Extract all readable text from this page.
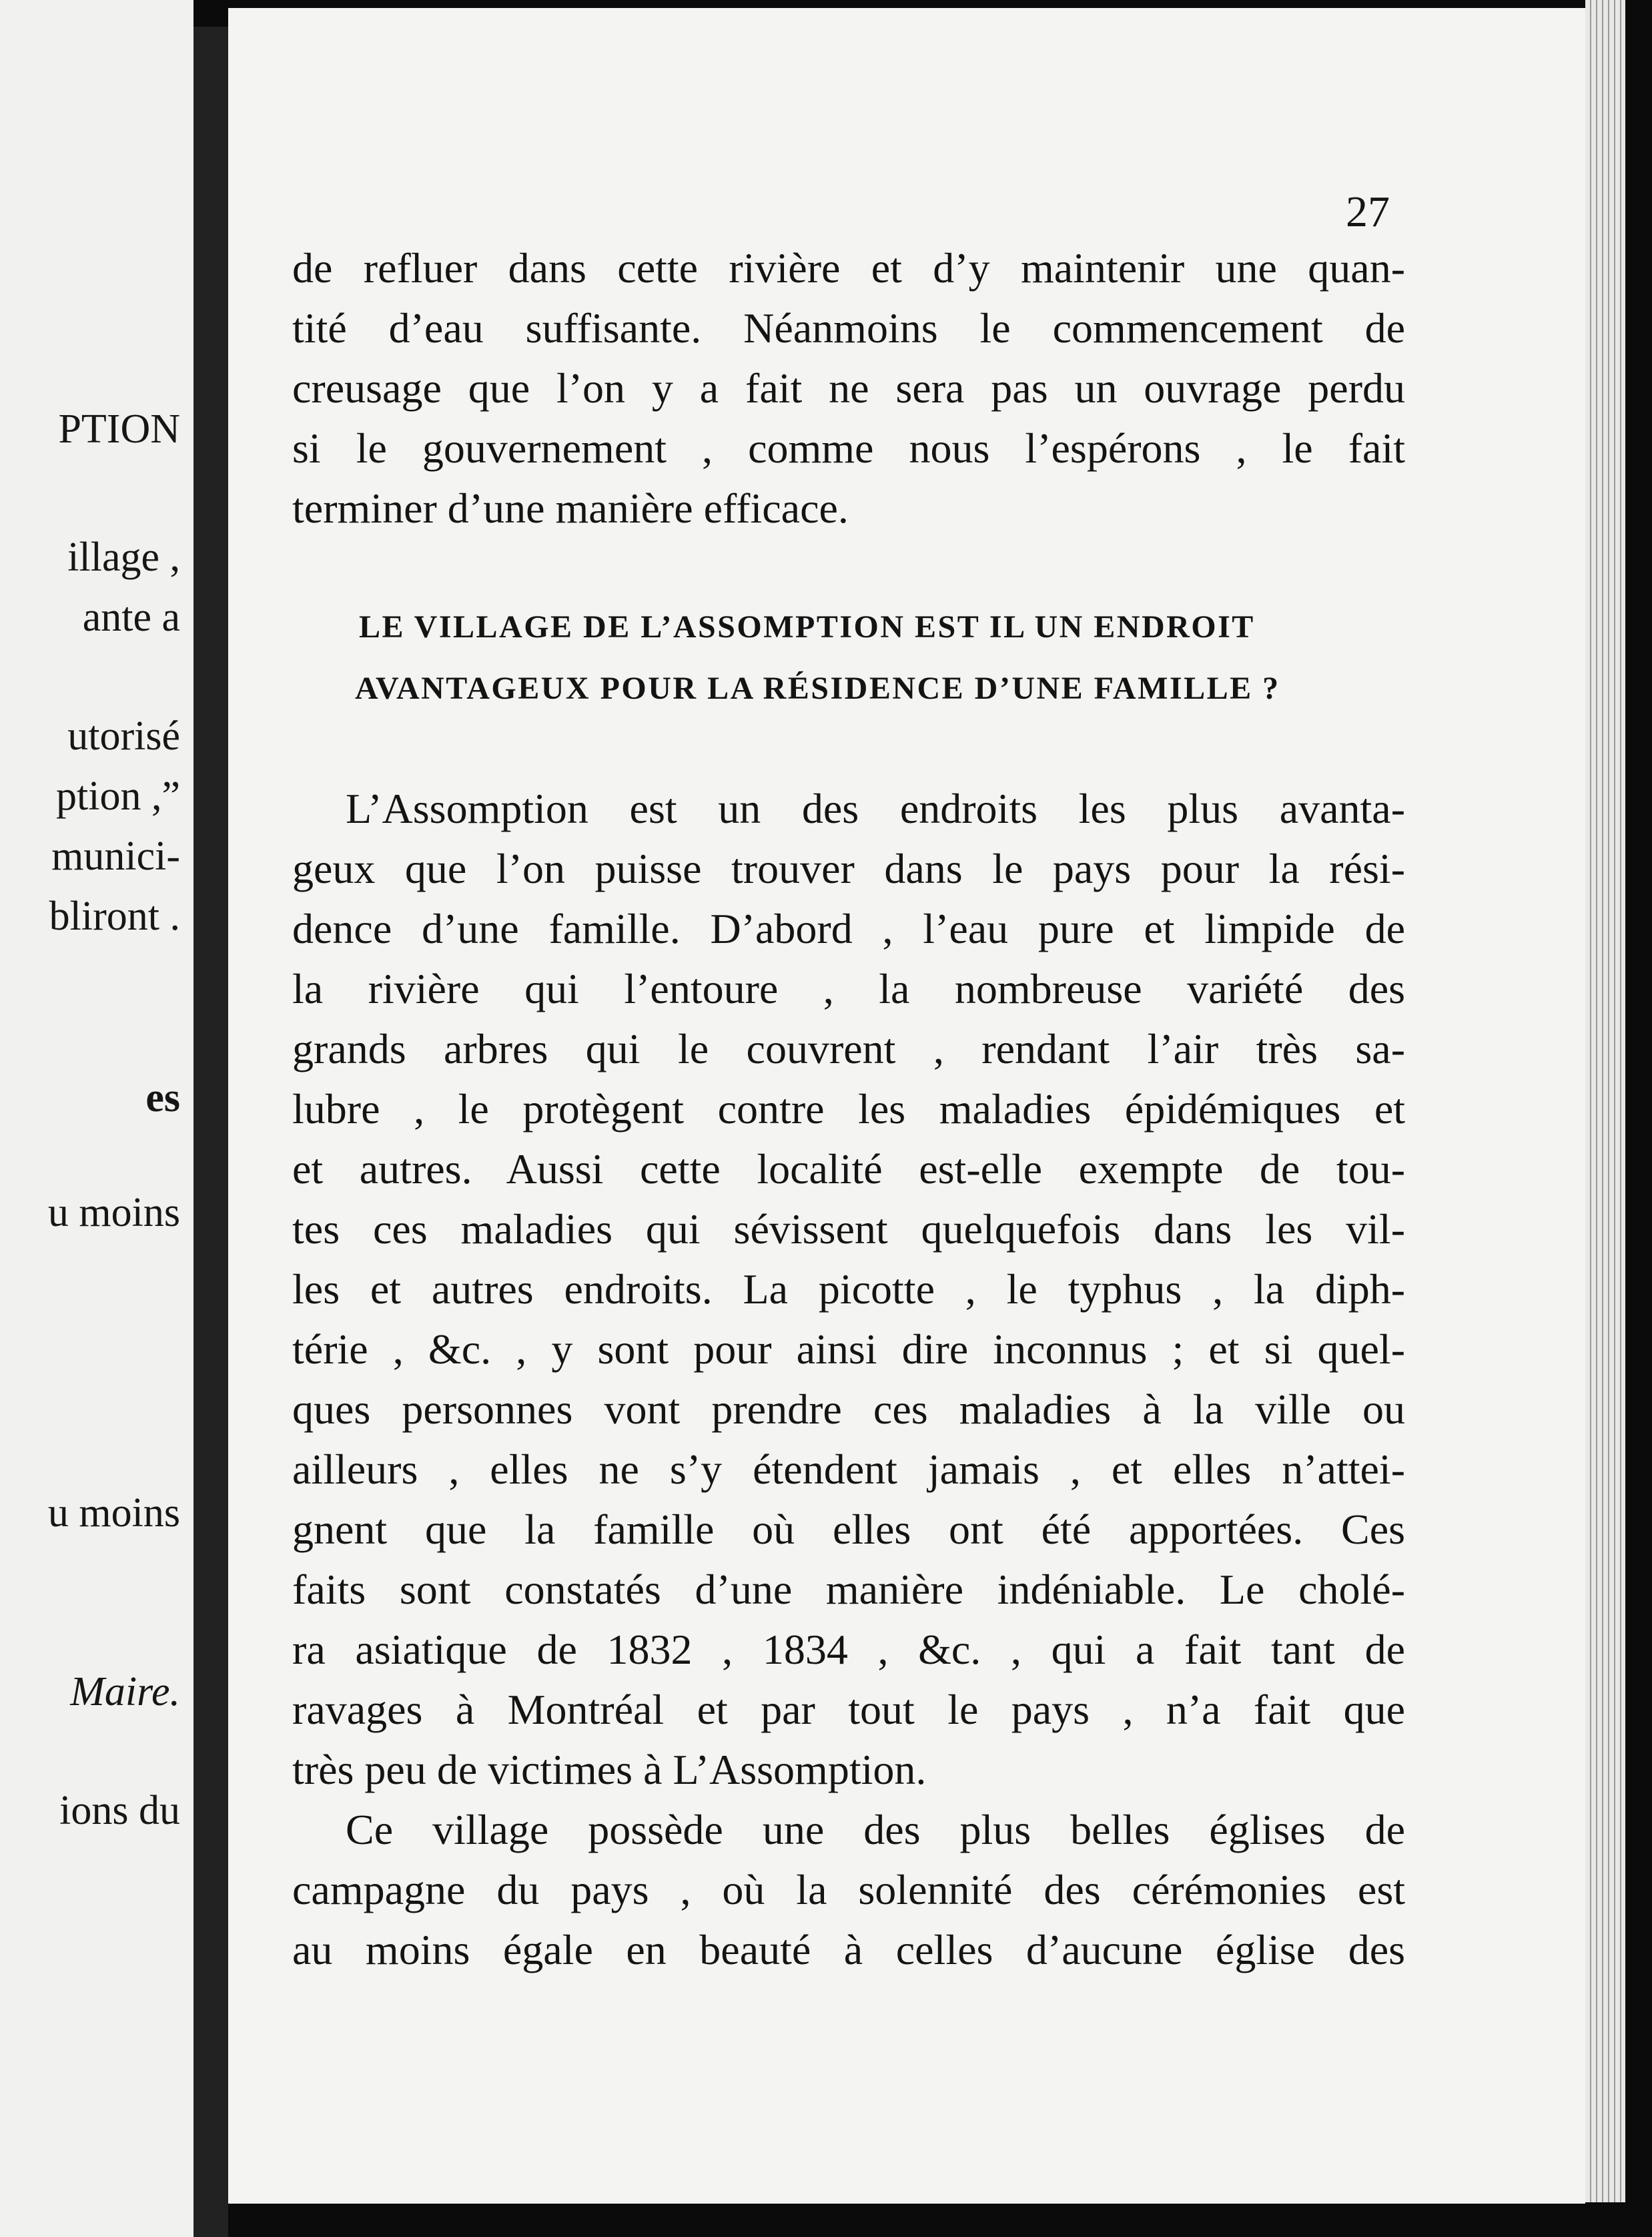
PTION

illage ,

ante a

utorisé

ption ,”

munici-

bliront .

es

u moins

u moins

Maire.

ions du

27

de refluer dans cette rivière et d’y maintenir une quan-

tité d’eau suffisante. Néanmoins le commencement de

creusage que l’on y a fait ne sera pas un ouvrage perdu

si le gouvernement , comme nous l’espérons , le fait

terminer d’une manière efficace.

LE VILLAGE DE L’ASSOMPTION EST IL UN ENDROIT

AVANTAGEUX POUR LA RÉSIDENCE D’UNE FAMILLE ?

L’Assomption est un des endroits les plus avanta-

geux que l’on puisse trouver dans le pays pour la rési-

dence d’une famille. D’abord , l’eau pure et limpide de

la rivière qui l’entoure , la nombreuse variété des

grands arbres qui le couvrent , rendant l’air très sa-

lubre , le protègent contre les maladies épidémiques et

et autres. Aussi cette localité est-elle exempte de tou-

tes ces maladies qui sévissent quelquefois dans les vil-

les et autres endroits. La picotte , le typhus , la diph-

térie , &c. , y sont pour ainsi dire inconnus ; et si quel-

ques personnes vont prendre ces maladies à la ville ou

ailleurs , elles ne s’y étendent jamais , et elles n’attei-

gnent que la famille où elles ont été apportées. Ces

faits sont constatés d’une manière indéniable. Le cholé-

ra asiatique de 1832 , 1834 , &c. , qui a fait tant de

ravages à Montréal et par tout le pays , n’a fait que

très peu de victimes à L’Assomption.

Ce village possède une des plus belles églises de

campagne du pays , où la solennité des cérémonies est

au moins égale en beauté à celles d’aucune église des
